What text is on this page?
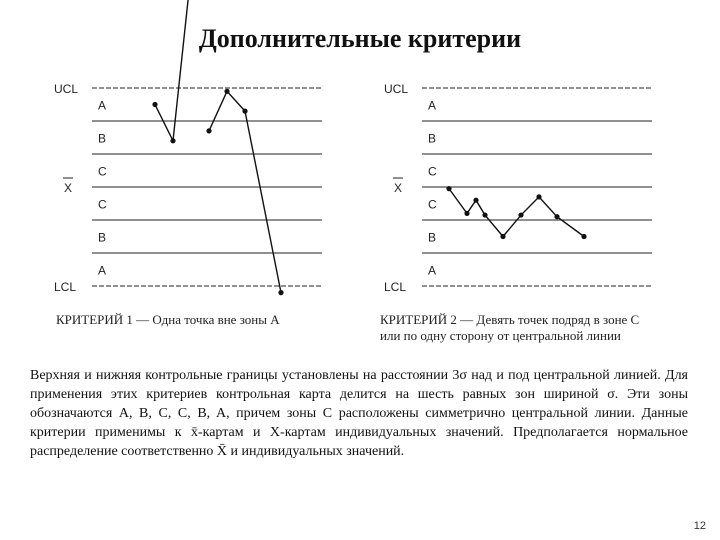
Дополнительные критерии
UCL
X
LCL
A
B
C
C
B
A
UCL
X
LCL
A
B
C
C
B
A
КРИТЕРИЙ 1 — Одна точка вне зоны А	КРИТЕРИЙ 2 — Девять точек подряд в зоне C или по одну сторону от центральной линии
Верхняя и нижняя контрольные границы установлены на расстоянии 3σ над и под центральной линией. Для применения этих критериев контрольная карта делится на шесть равных зон шириной σ. Эти зоны обозначаются A, B, C, C, B, A, причем зоны C расположены симметрично центральной линии. Данные критерии применимы к x̄-картам и X-картам индивидуальных значений. Предполагается нормальное распределение соответственно X̄ и индивидуальных значений.
12
